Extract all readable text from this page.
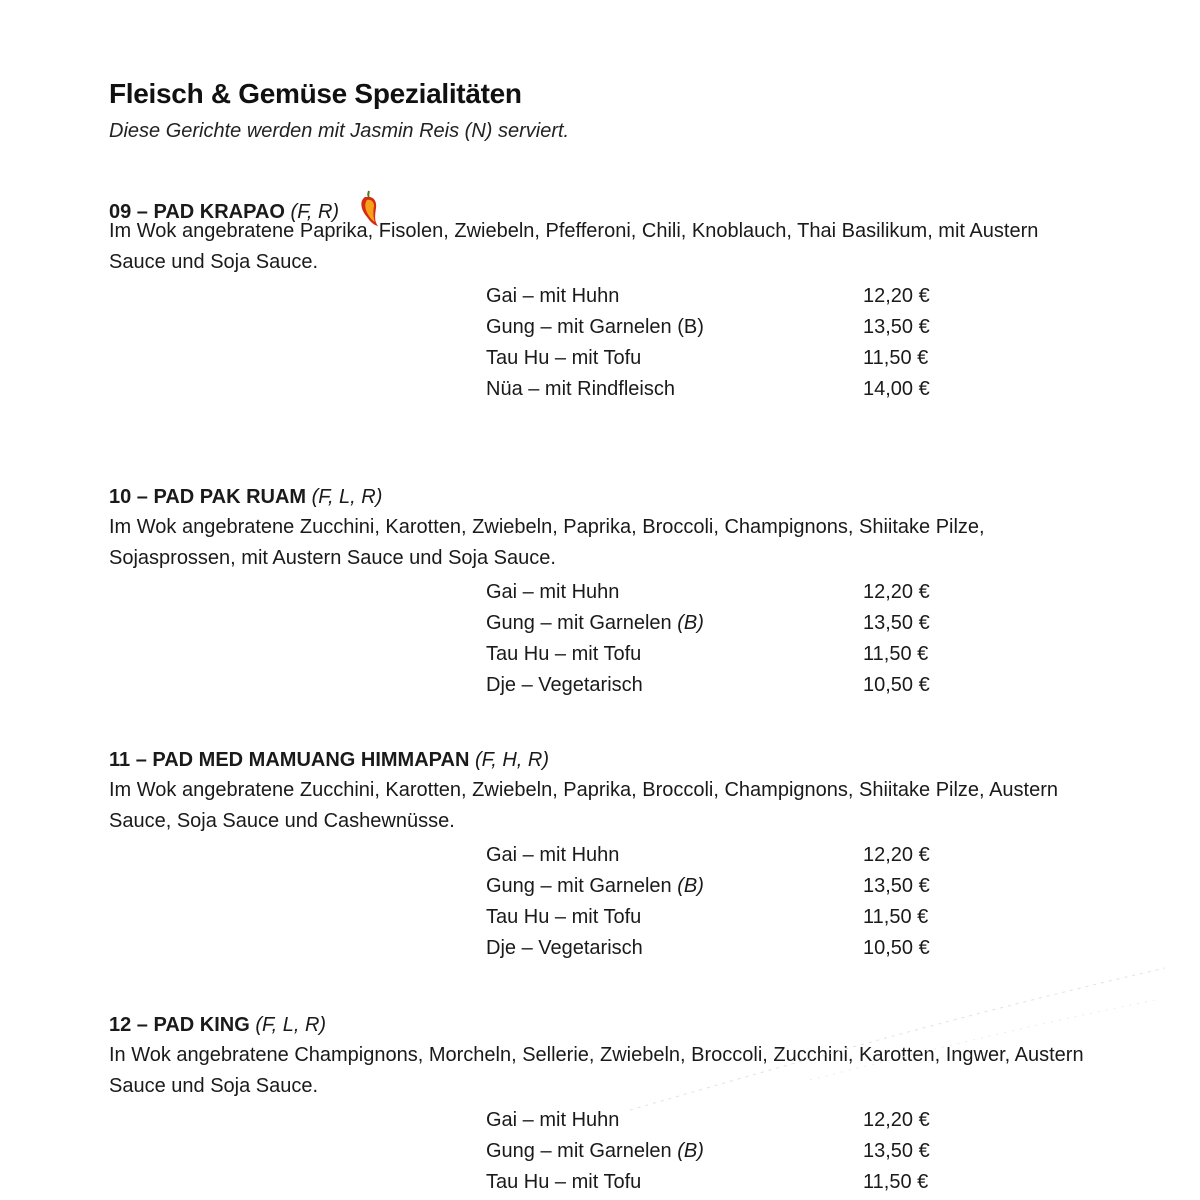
Fleisch & Gemüse Spezialitäten

Diese Gerichte werden mit Jasmin Reis (N) serviert.

09 – PAD KRAPAO (F, R)
Im Wok angebratene Paprika, Fisolen, Zwiebeln, Pfefferoni, Chili, Knoblauch, Thai Basilikum, mit Austern Sauce und Soja Sauce.
Gai – mit Huhn	12,20 €
Gung – mit Garnelen (B)	13,50 €
Tau Hu – mit Tofu	11,50 €
Nüa – mit Rindfleisch	14,00 €
10 – PAD PAK RUAM (F, L, R)
Im Wok angebratene Zucchini, Karotten, Zwiebeln, Paprika, Broccoli, Champignons, Shiitake Pilze, Sojasprossen, mit Austern Sauce und Soja Sauce.
Gai – mit Huhn	12,20 €
Gung – mit Garnelen (B)	13,50 €
Tau Hu – mit Tofu	11,50 €
Dje – Vegetarisch	10,50 €
11 – PAD MED MAMUANG HIMMAPAN (F, H, R)
Im Wok angebratene Zucchini, Karotten, Zwiebeln, Paprika, Broccoli, Champignons, Shiitake Pilze, Austern Sauce, Soja Sauce und Cashewnüsse.
Gai – mit Huhn	12,20 €
Gung – mit Garnelen (B)	13,50 €
Tau Hu – mit Tofu	11,50 €
Dje – Vegetarisch	10,50 €
12 – PAD KING (F, L, R)
In Wok angebratene Champignons, Morcheln, Sellerie, Zwiebeln, Broccoli, Zucchini, Karotten, Ingwer, Austern Sauce und Soja Sauce.
Gai – mit Huhn	12,20 €
Gung – mit Garnelen (B)	13,50 €
Tau Hu – mit Tofu	11,50 €
